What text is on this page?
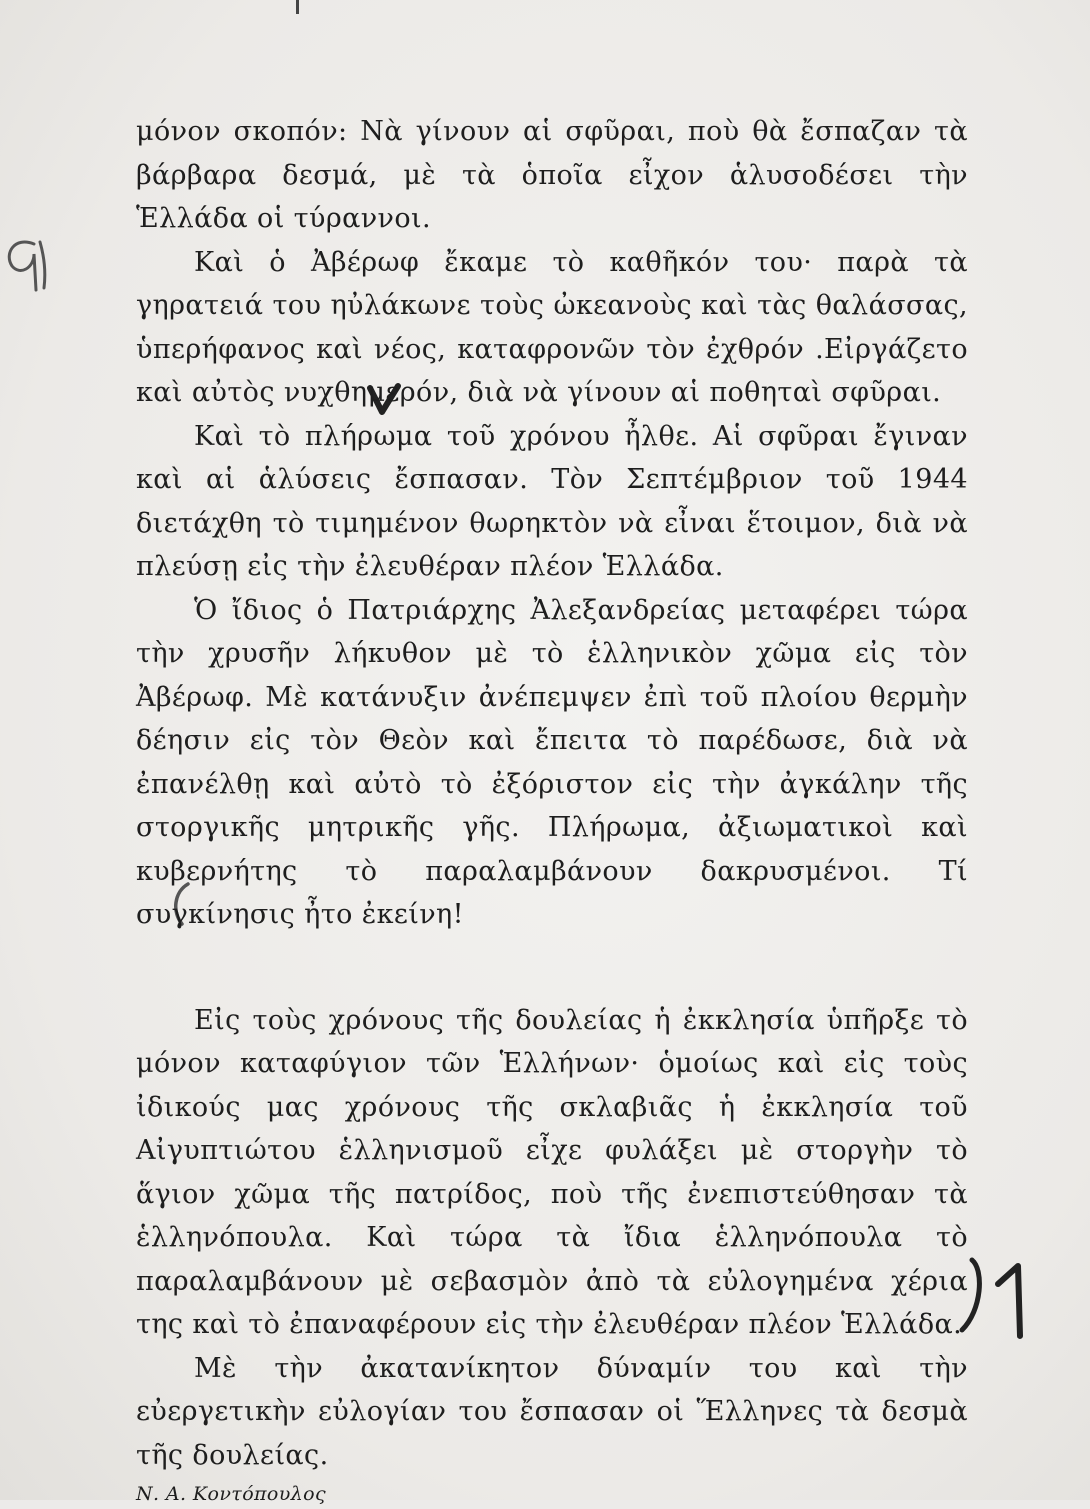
μόνον σκοπόν: Νὰ γίνουν αἱ σφῦραι, ποὺ θὰ ἔσπαζαν τὰ βάρβαρα δεσμά, μὲ τὰ ὁποῖα εἶχον ἁλυσοδέσει τὴν Ἑλλάδα οἱ τύραννοι.

Καὶ ὁ Ἀβέρωφ ἔκαμε τὸ καθῆκόν του· παρὰ τὰ γηρατειά του ηὐλάκωνε τοὺς ὠκεανοὺς καὶ τὰς θαλάσσας, ὑπερήφανος καὶ νέος, καταφρονῶν τὸν ἐχθρόν .Εἰργάζετο καὶ αὐτὸς νυχθημερόν, διὰ νὰ γίνουν αἱ ποθηταὶ σφῦραι.

Καὶ τὸ πλήρωμα τοῦ χρόνου ἦλθε. Αἱ σφῦραι ἔγιναν καὶ αἱ ἁλύσεις ἔσπασαν. Τὸν Σεπτέμβριον τοῦ 1944 διετάχθη τὸ τιμημένον θωρηκτὸν νὰ εἶναι ἕτοιμον, διὰ νὰ πλεύσῃ εἰς τὴν ἐλευθέραν πλέον Ἑλλάδα.

Ὁ ἴδιος ὁ Πατριάρχης Ἀλεξανδρείας μεταφέρει τώρα τὴν χρυσῆν λήκυθον μὲ τὸ ἑλληνικὸν χῶμα εἰς τὸν Ἀβέρωφ. Μὲ κατάνυξιν ἀνέπεμψεν ἐπὶ τοῦ πλοίου θερμὴν δέησιν εἰς τὸν Θεὸν καὶ ἔπειτα τὸ παρέδωσε, διὰ νὰ ἐπανέλθῃ καὶ αὐτὸ τὸ ἐξόριστον εἰς τὴν ἀγκάλην τῆς στοργικῆς μητρικῆς γῆς. Πλήρωμα, ἀξιωματικοὶ καὶ κυβερνήτης τὸ παραλαμβάνουν δακρυσμένοι. Τί συγκίνησις ἦτο ἐκείνη!

Εἰς τοὺς χρόνους τῆς δουλείας ἡ ἐκκλησία ὑπῆρξε τὸ μόνον καταφύγιον τῶν Ἑλλήνων· ὁμοίως καὶ εἰς τοὺς ἰδικούς μας χρόνους τῆς σκλαβιᾶς ἡ ἐκκλησία τοῦ Αἰγυπτιώτου ἑλληνισμοῦ εἶχε φυλάξει μὲ στοργὴν τὸ ἅγιον χῶμα τῆς πατρίδος, ποὺ τῆς ἐνεπιστεύθησαν τὰ ἑλληνόπουλα. Καὶ τώρα τὰ ἴδια ἑλληνόπουλα τὸ παραλαμβάνουν μὲ σεβασμὸν ἀπὸ τὰ εὐλογημένα χέρια της καὶ τὸ ἐπαναφέρουν εἰς τὴν ἐλευθέραν πλέον Ἑλλάδα.

Μὲ τὴν ἀκατανίκητον δύναμίν του καὶ τὴν εὐεργετικὴν εὐλογίαν του ἔσπασαν οἱ Ἕλληνες τὰ δεσμὰ τῆς δουλείας.

Ν. Α. Κοντόπουλος
